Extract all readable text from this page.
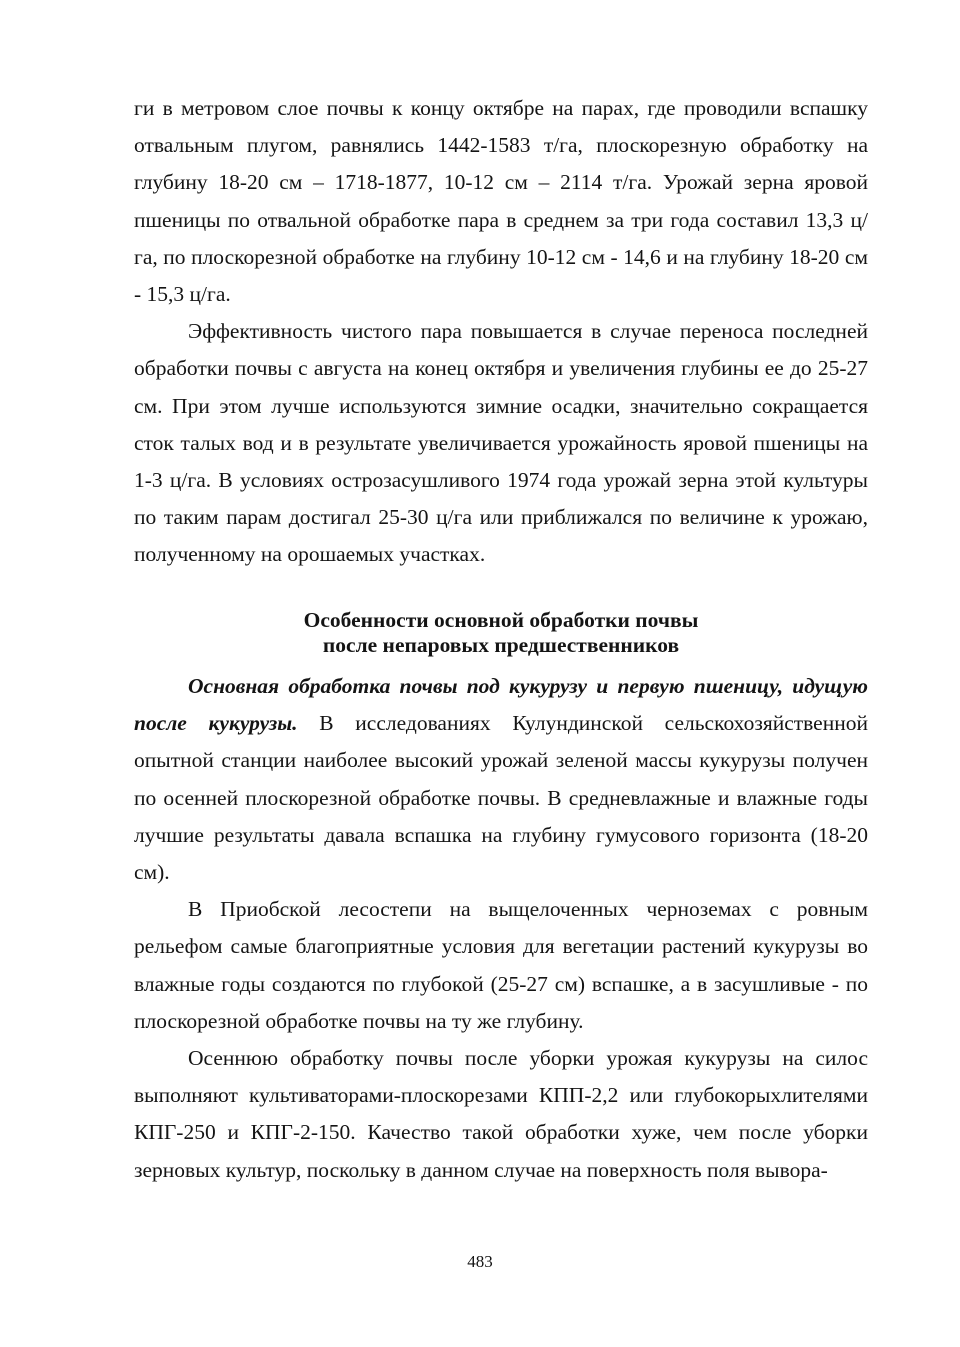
ги в метровом слое почвы к концу октябре на парах, где проводили вспашку отвальным плугом, равнялись 1442-1583 т/га, плоскорезную обработку на глубину 18-20 см – 1718-1877, 10-12 см – 2114 т/га. Урожай зерна яровой пшеницы по отвальной обработке пара в среднем за три года составил 13,3 ц/га, по плоскорезной обработке на глубину 10-12 см - 14,6 и на глубину 18-20 см - 15,3 ц/га.

Эффективность чистого пара повышается в случае переноса последней обработки почвы с августа на конец октября и увеличения глубины ее до 25-27 см. При этом лучше используются зимние осадки, значительно сокращается сток талых вод и в результате увеличивается урожайность яровой пшеницы на 1-3 ц/га. В условиях острозасушливого 1974 года урожай зерна этой культуры по таким парам достигал 25-30 ц/га или приближался по величине к урожаю, полученному на орошаемых участках.

Особенности основной обработки почвы
после непаровых предшественников

Основная обработка почвы под кукурузу и первую пшеницу, идущую после кукурузы. В исследованиях Кулундинской сельскохозяйственной опытной станции наиболее высокий урожай зеленой массы кукурузы получен по осенней плоскорезной обработке почвы. В средневлажные и влажные годы лучшие результаты давала вспашка на глубину гумусового горизонта (18-20 см).

В Приобской лесостепи на выщелоченных черноземах с ровным рельефом самые благоприятные условия для вегетации растений кукурузы во влажные годы создаются по глубокой (25-27 см) вспашке, а в засушливые - по плоскорезной обработке почвы на ту же глубину.

Осеннюю обработку почвы после уборки урожая кукурузы на силос выполняют культиваторами-плоскорезами КПП-2,2 или глубокорыхлителями КПГ-250 и КПГ-2-150. Качество такой обработки хуже, чем после уборки зерновых культур, поскольку в данном случае на поверхность поля вывора-

483
